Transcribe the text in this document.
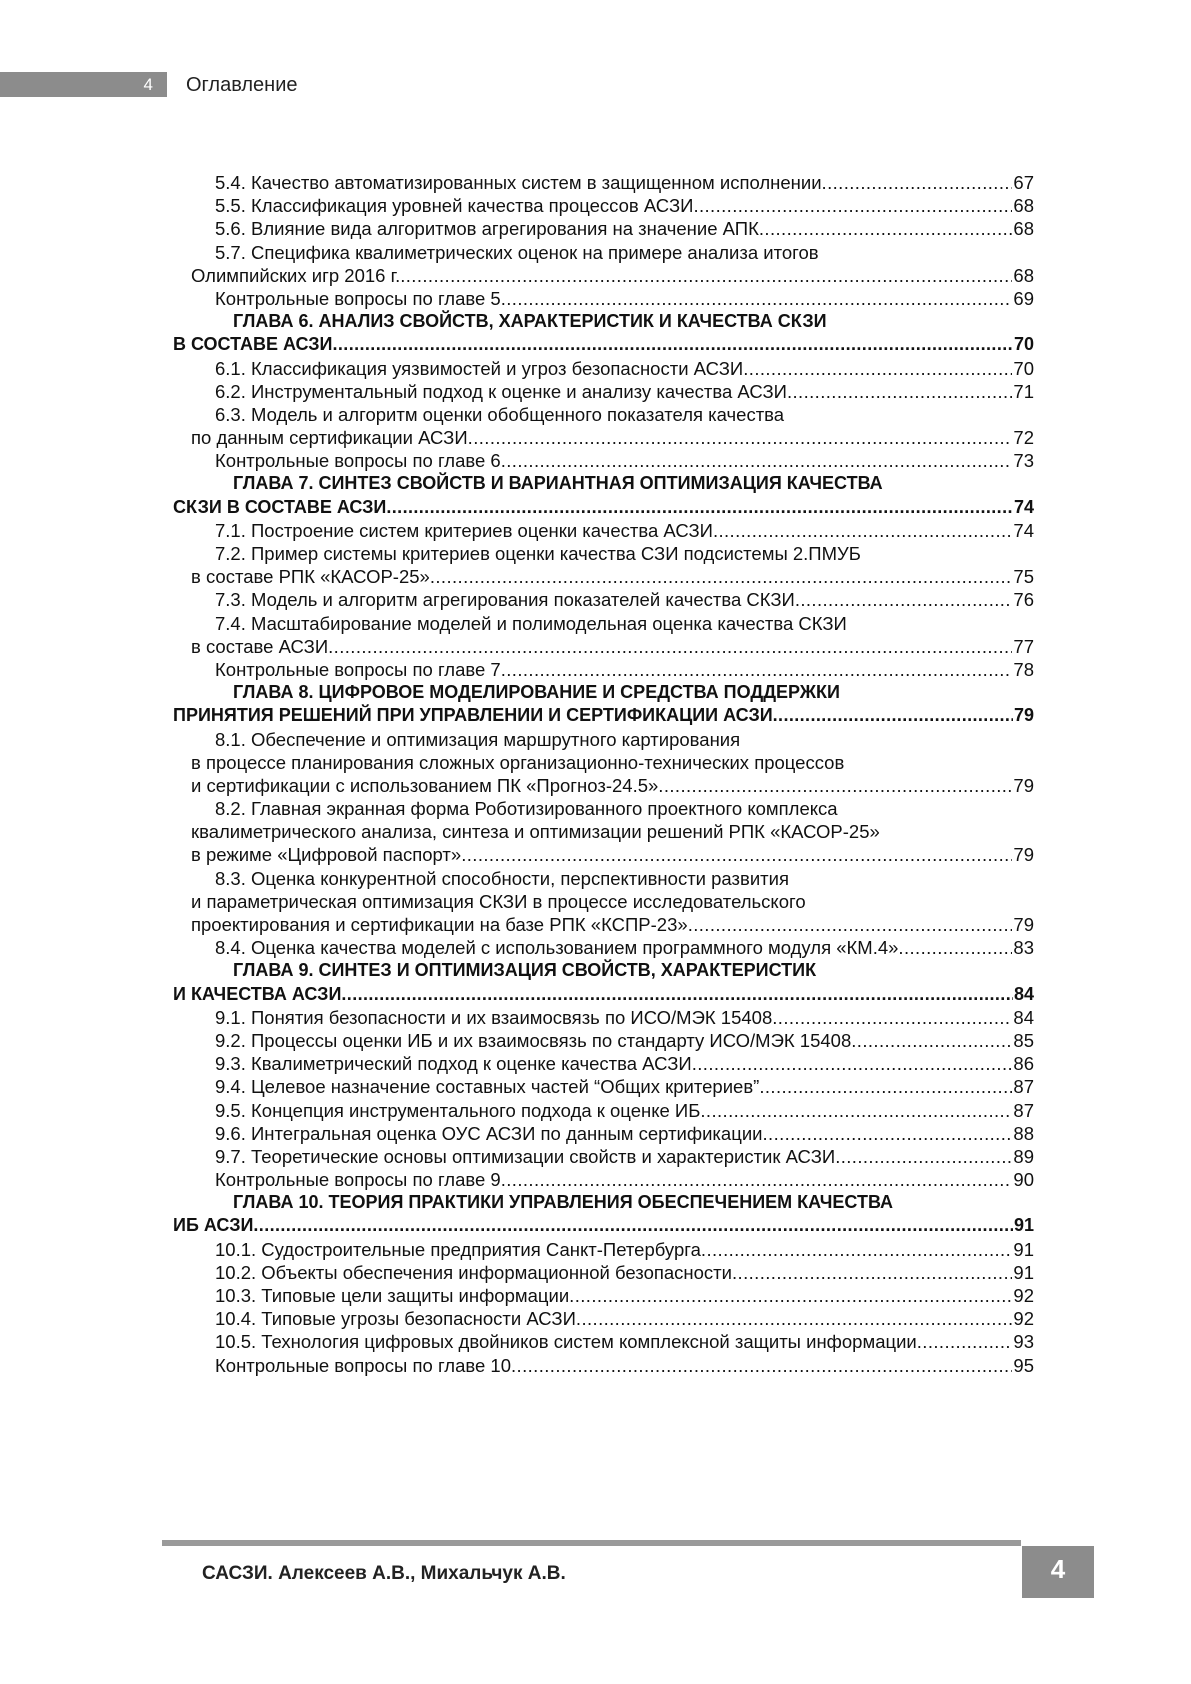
4	Оглавление
5.4. Качество автоматизированных систем в защищенном исполнении .....	67
5.5. Классификация уровней качества процессов АСЗИ .....	68
5.6. Влияние вида алгоритмов агрегирования на значение АПК .....	68
5.7. Специфика квалиметрических оценок на примере анализа итогов
Олимпийских игр 2016 г. .....	68
Контрольные вопросы по главе 5 .....	69
ГЛАВА 6. АНАЛИЗ СВОЙСТВ, ХАРАКТЕРИСТИК И КАЧЕСТВА СКЗИ
В СОСТАВЕ АСЗИ .....	70
6.1. Классификация уязвимостей и угроз безопасности АСЗИ .....	70
6.2. Инструментальный подход к оценке и анализу качества АСЗИ .....	71
6.3. Модель и алгоритм оценки обобщенного показателя качества
по данным сертификации АСЗИ .....	72
Контрольные вопросы по главе 6 .....	73
ГЛАВА 7. СИНТЕЗ СВОЙСТВ И ВАРИАНТНАЯ ОПТИМИЗАЦИЯ КАЧЕСТВА
СКЗИ В СОСТАВЕ АСЗИ .....	74
7.1. Построение систем критериев оценки качества АСЗИ .....	74
7.2. Пример системы критериев оценки качества СЗИ подсистемы 2.ПМУБ
в составе РПК «КАСОР-25» .....	75
7.3. Модель и алгоритм агрегирования показателей качества СКЗИ .....	76
7.4. Масштабирование моделей и полимодельная оценка качества СКЗИ
в составе АСЗИ .....	77
Контрольные вопросы по главе 7 .....	78
ГЛАВА 8. ЦИФРОВОЕ МОДЕЛИРОВАНИЕ И СРЕДСТВА ПОДДЕРЖКИ
ПРИНЯТИЯ РЕШЕНИЙ ПРИ УПРАВЛЕНИИ И СЕРТИФИКАЦИИ АСЗИ .....	79
8.1. Обеспечение и оптимизация маршрутного картирования
в процессе планирования сложных организационно-технических процессов
и сертификации с использованием ПК «Прогноз-24.5» .....	79
8.2. Главная экранная форма Роботизированного проектного комплекса
квалиметрического анализа, синтеза и оптимизации решений РПК «КАСОР-25»
в режиме «Цифровой паспорт» .....	79
8.3. Оценка конкурентной способности, перспективности развития
и параметрическая оптимизация СКЗИ в процессе исследовательского
проектирования и сертификации на базе РПК «КСПР-23» .....	79
8.4. Оценка качества моделей с использованием программного модуля «КМ.4» .....	83
ГЛАВА 9. СИНТЕЗ И ОПТИМИЗАЦИЯ СВОЙСТВ, ХАРАКТЕРИСТИК
И КАЧЕСТВА АСЗИ .....	84
9.1. Понятия безопасности и их взаимосвязь по ИСО/МЭК 15408 .....	84
9.2. Процессы оценки ИБ и их взаимосвязь по стандарту ИСО/МЭК 15408 .....	85
9.3. Квалиметрический подход к оценке качества АСЗИ .....	86
9.4. Целевое назначение составных частей “Общих критериев” .....	87
9.5. Концепция инструментального подхода к оценке ИБ .....	87
9.6. Интегральная оценка ОУС АСЗИ по данным сертификации .....	88
9.7. Теоретические основы оптимизации свойств и характеристик АСЗИ .....	89
Контрольные вопросы по главе 9 .....	90
ГЛАВА 10. ТЕОРИЯ ПРАКТИКИ УПРАВЛЕНИЯ ОБЕСПЕЧЕНИЕМ КАЧЕСТВА
ИБ АСЗИ .....	91
10.1. Судостроительные предприятия Санкт-Петербурга .....	91
10.2. Объекты обеспечения информационной безопасности .....	91
10.3. Типовые цели защиты информации .....	92
10.4. Типовые угрозы безопасности АСЗИ .....	92
10.5. Технология цифровых двойников систем комплексной защиты информации .....	93
Контрольные вопросы по главе 10 .....	95
САСЗИ. Алексеев А.В., Михальчук А.В.	4
